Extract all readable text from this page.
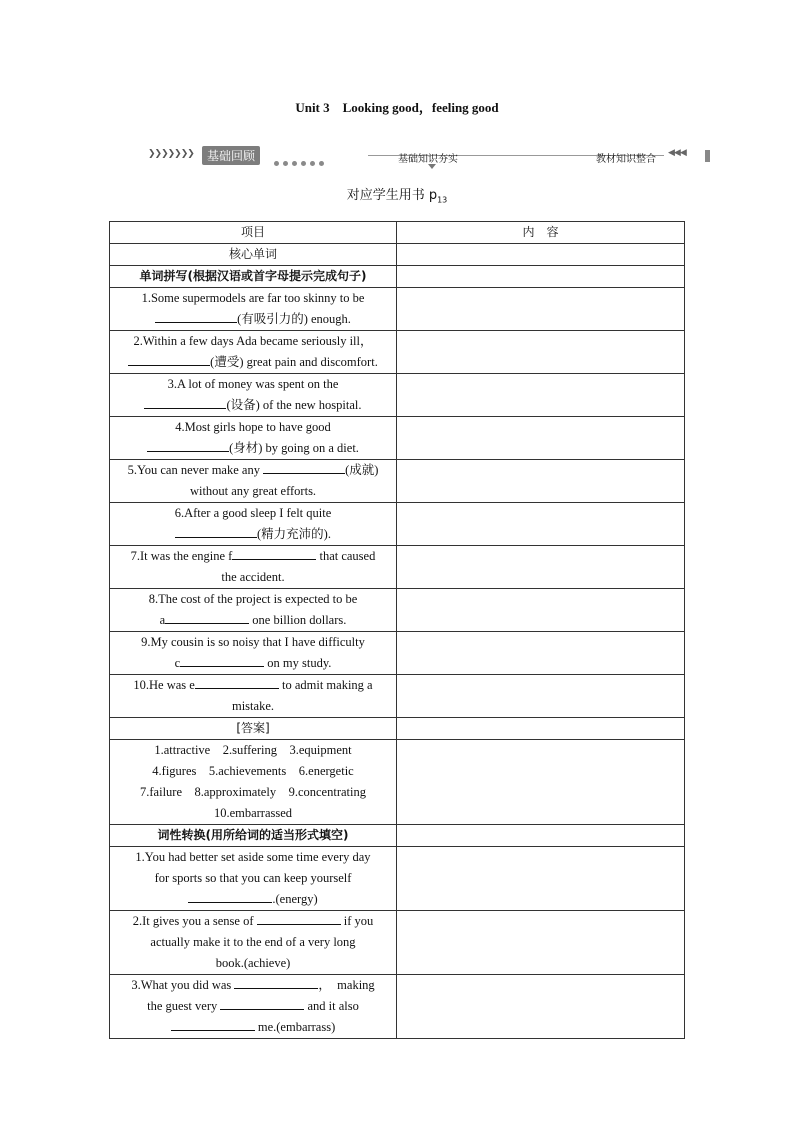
Unit 3　Looking good，feeling good
❯❯❯❯❯❯❯	基础回顾	基础知识夯实	教材知识整合
◀◀◀
对应学生用书 $p_{13}$
项目	内　容
核心单词	
单词拼写(根据汉语或首字母提示完成句子)	
1.Some supermodels are far too skinny to be
(有吸引力的) enough.	
2.Within a few days Ada became seriously ill，
(遭受) great pain and discomfort.	
3.A lot of money was spent on the
(设备) of the new hospital.	
4.Most girls hope to have good
(身材) by going on a diet.	
5.You can never make any (成就)
without any great efforts.	
6.After a good sleep I felt quite
(精力充沛的).	
7.It was the engine f that caused
the accident.	
8.The cost of the project is expected to be
a one billion dollars.	
9.My cousin is so noisy that I have difficulty
c on my study.	
10.He was e to admit making a
mistake.	
[答案]	

1.attractive　2.suffering　3.equipment
4.figures　5.achievements　6.energetic
7.failure　8.approximately　9.concentrating
10.embarrassed	

词性转换(用所给词的适当形式填空)	
1.You had better set aside some time every day
for sports so that you can keep yourself
.(energy)	
2.It gives you a sense of if you
actually make it to the end of a very long
book.(achieve)	
3.What you did was ，　making
the guest very and it also
me.(embarrass)	
